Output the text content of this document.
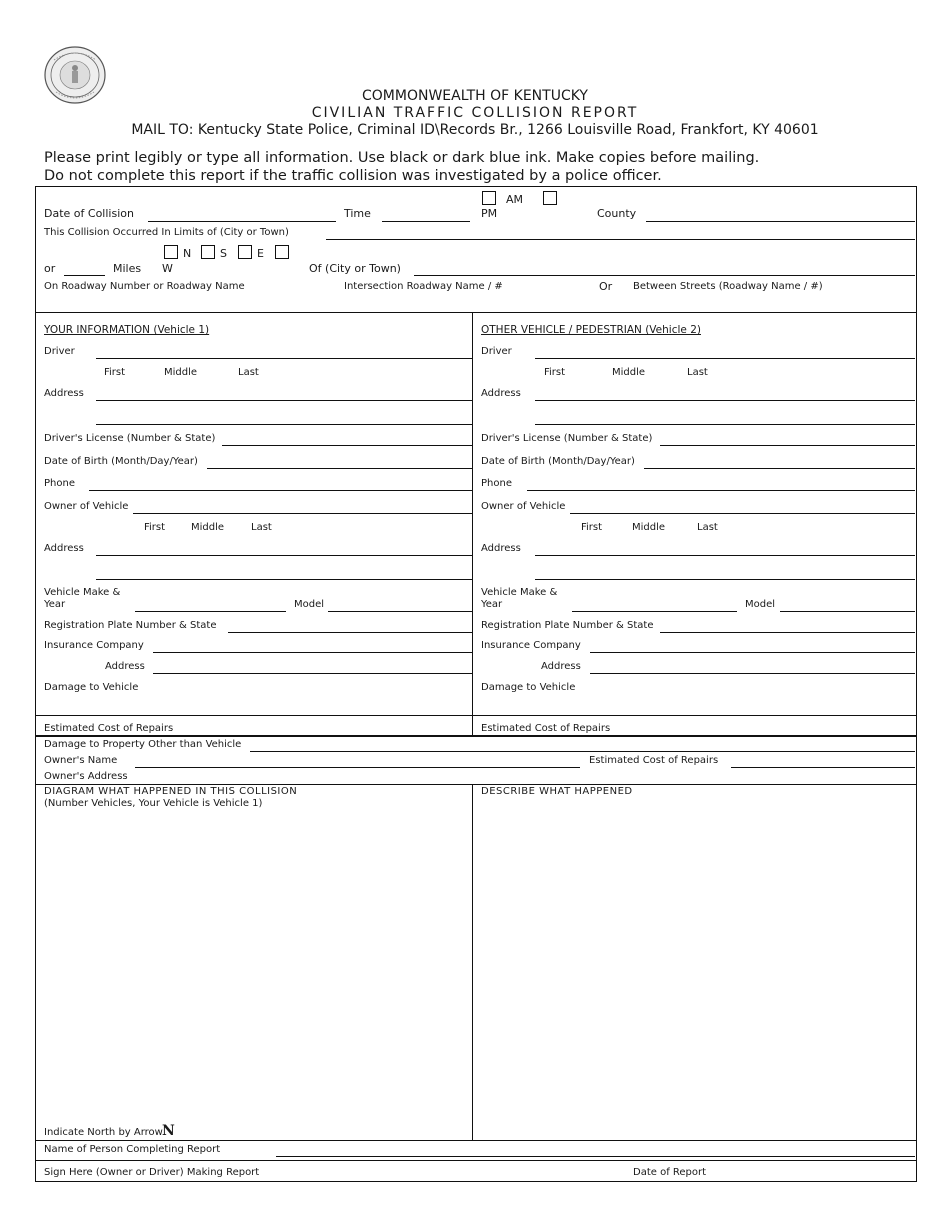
COMMONWEALTH OF KENTUCKY
CIVILIAN TRAFFIC COLLISION REPORT
MAIL TO: Kentucky State Police, Criminal ID\Records Br., 1266 Louisville Road, Frankfort, KY 40601
Please print legibly or type all information. Use black or dark blue ink. Make copies before mailing.
Do not complete this report if the traffic collision was investigated by a police officer.
AM
Date of Collision	Time	PM	County
This Collision Occurred In Limits of (City or Town)
N	S	E
or	Miles W	Of (City or Town)
On Roadway Number or Roadway Name	Intersection Roadway Name / #	Or Between Streets (Roadway Name / #)
YOUR INFORMATION (Vehicle 1)
Driver
First	Middle	Last
Address
Driver's License (Number & State)
Date of Birth (Month/Day/Year)
Phone
Owner of Vehicle
First	Middle	Last
Address
Vehicle Make &
Year	Model
Registration Plate Number & State
Insurance Company
Address
Damage to Vehicle
Estimated Cost of Repairs
OTHER VEHICLE / PEDESTRIAN (Vehicle 2)
Driver
First	Middle	Last
Address
Driver's License (Number & State)
Date of Birth (Month/Day/Year)
Phone
Owner of Vehicle
First	Middle	Last
Address
Vehicle Make &
Year	Model
Registration Plate Number & State
Insurance Company
Address
Damage to Vehicle
Estimated Cost of Repairs
Damage to Property Other than Vehicle
Owner's Name	Estimated Cost of Repairs
Owner's Address
DIAGRAM WHAT HAPPENED IN THIS COLLISION
(Number Vehicles, Your Vehicle is Vehicle 1)
DESCRIBE WHAT HAPPENED
Indicate North by Arrow N
Name of Person Completing Report
Sign Here (Owner or Driver) Making Report	Date of Report
